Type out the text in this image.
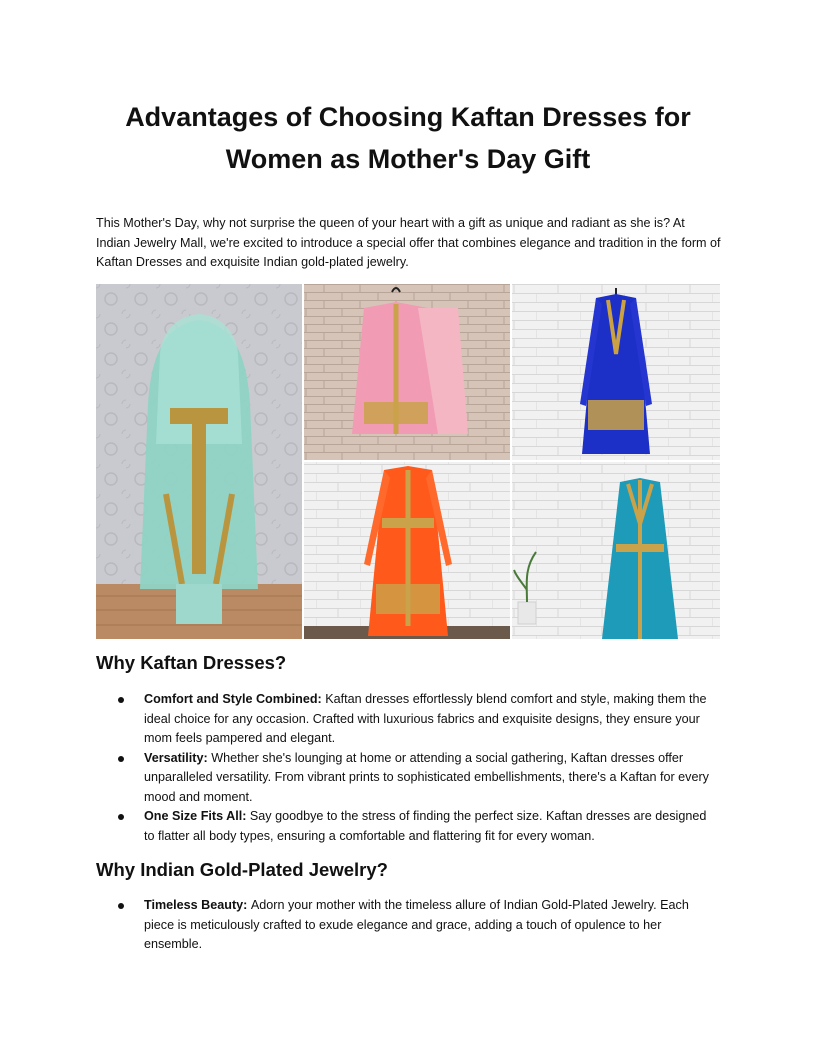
Advantages of Choosing Kaftan Dresses for Women as Mother's Day Gift

This Mother's Day, why not surprise the queen of your heart with a gift as unique and radiant as she is? At Indian Jewelry Mall, we're excited to introduce a special offer that combines elegance and tradition in the form of Kaftan Dresses and exquisite Indian gold-plated jewelry.

Why Kaftan Dresses?
Comfort and Style Combined: Kaftan dresses effortlessly blend comfort and style, making them the ideal choice for any occasion. Crafted with luxurious fabrics and exquisite designs, they ensure your mom feels pampered and elegant.
Versatility: Whether she's lounging at home or attending a social gathering, Kaftan dresses offer unparalleled versatility. From vibrant prints to sophisticated embellishments, there's a Kaftan for every mood and moment.
One Size Fits All: Say goodbye to the stress of finding the perfect size. Kaftan dresses are designed to flatter all body types, ensuring a comfortable and flattering fit for every woman.
Why Indian Gold-Plated Jewelry?
Timeless Beauty: Adorn your mother with the timeless allure of Indian Gold-Plated Jewelry. Each piece is meticulously crafted to exude elegance and grace, adding a touch of opulence to her ensemble.
